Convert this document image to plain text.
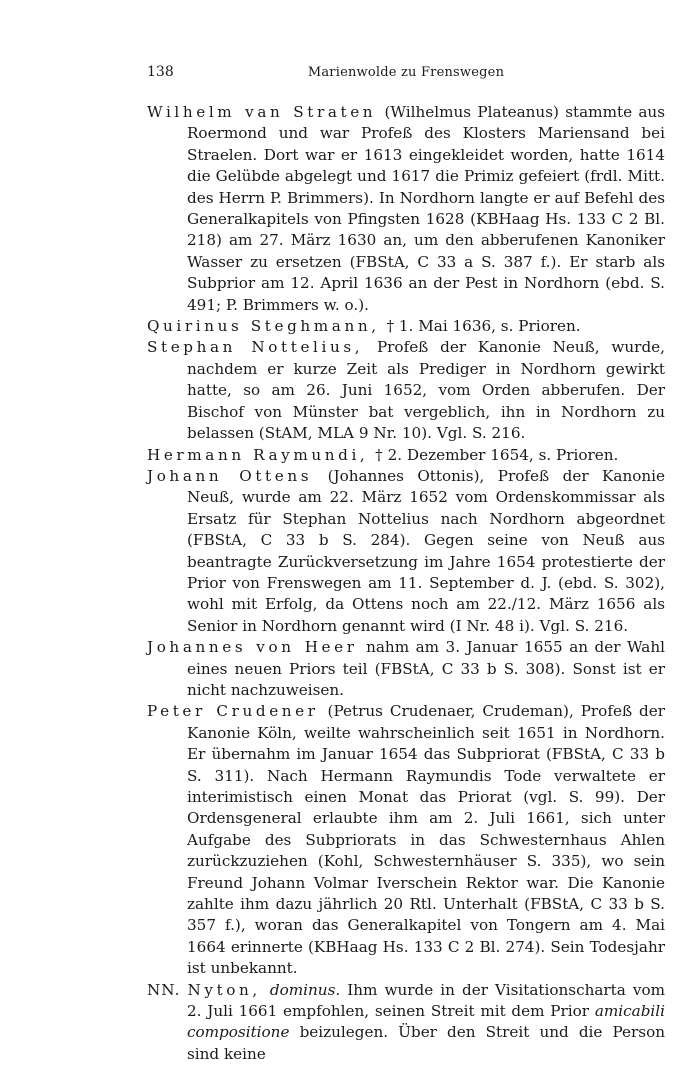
138	Marienwolde zu Frenswegen

Wilhelm van Straten (Wilhelmus Plateanus) stammte aus Roermond und war Profeß des Klosters Mariensand bei Straelen. Dort war er 1613 eingekleidet worden, hatte 1614 die Gelübde abgelegt und 1617 die Primiz gefeiert (frdl. Mitt. des Herrn P. Brimmers). In Nordhorn langte er auf Befehl des Generalkapitels von Pfingsten 1628 (KBHaag Hs. 133 C 2 Bl. 218) am 27. März 1630 an, um den abberufenen Kanoniker Wasser zu ersetzen (FBStA, C 33 a S. 387 f.). Er starb als Subprior am 12. April 1636 an der Pest in Nordhorn (ebd. S. 491; P. Brimmers w. o.).

Quirinus Steghmann, † 1. Mai 1636, s. Prioren.

Stephan Nottelius, Profeß der Kanonie Neuß, wurde, nachdem er kurze Zeit als Prediger in Nordhorn gewirkt hatte, so am 26. Juni 1652, vom Orden abberufen. Der Bischof von Münster bat vergeblich, ihn in Nordhorn zu belassen (StAM, MLA 9 Nr. 10). Vgl. S. 216.

Hermann Raymundi, † 2. Dezember 1654, s. Prioren.

Johann Ottens (Johannes Ottonis), Profeß der Kanonie Neuß, wurde am 22. März 1652 vom Ordenskommissar als Ersatz für Stephan Nottelius nach Nordhorn abgeordnet (FBStA, C 33 b S. 284). Gegen seine von Neuß aus beantragte Zurückversetzung im Jahre 1654 protestierte der Prior von Frenswegen am 11. September d. J. (ebd. S. 302), wohl mit Erfolg, da Ottens noch am 22./12. März 1656 als Senior in Nordhorn genannt wird (I Nr. 48 i). Vgl. S. 216.

Johannes von Heer nahm am 3. Januar 1655 an der Wahl eines neuen Priors teil (FBStA, C 33 b S. 308). Sonst ist er nicht nachzuweisen.

Peter Crudener (Petrus Crudenaer, Crudeman), Profeß der Kanonie Köln, weilte wahrscheinlich seit 1651 in Nordhorn. Er übernahm im Januar 1654 das Subpriorat (FBStA, C 33 b S. 311). Nach Hermann Raymundis Tode verwaltete er interimistisch einen Monat das Priorat (vgl. S. 99). Der Ordensgeneral erlaubte ihm am 2. Juli 1661, sich unter Aufgabe des Subpriorats in das Schwesternhaus Ahlen zurückzuziehen (Kohl, Schwesternhäuser S. 335), wo sein Freund Johann Volmar Iverschein Rektor war. Die Kanonie zahlte ihm dazu jährlich 20 Rtl. Unterhalt (FBStA, C 33 b S. 357 f.), woran das Generalkapitel von Tongern am 4. Mai 1664 erinnerte (KBHaag Hs. 133 C 2 Bl. 274). Sein Todesjahr ist unbekannt.

NN. Nyton, dominus. Ihm wurde in der Visitationscharta vom 2. Juli 1661 empfohlen, seinen Streit mit dem Prior amicabili compositione beizulegen. Über den Streit und die Person sind keine
